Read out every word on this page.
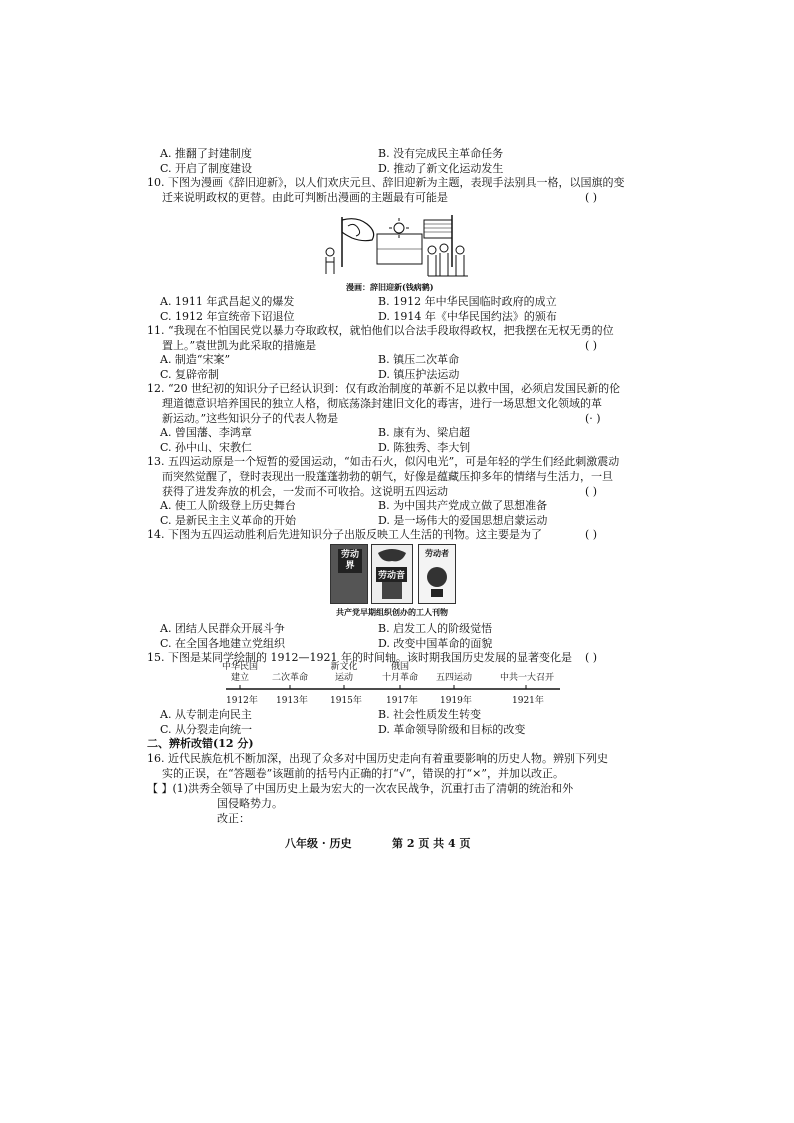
A. 推翻了封建制度	B. 没有完成民主革命任务
C. 开启了制度建设	D. 推动了新文化运动发生
10. 下图为漫画《辞旧迎新》，以人们欢庆元旦、辞旧迎新为主题，表现手法别具一格，以国旗的变
迁来说明政权的更替。由此可判断出漫画的主题最有可能是	( )
漫画：辞旧迎新(钱病鹤)
A. 1911 年武昌起义的爆发	B. 1912 年中华民国临时政府的成立
C. 1912 年宣统帝下诏退位	D. 1914 年《中华民国约法》的颁布
11. “我现在不怕国民党以暴力夺取政权，就怕他们以合法手段取得政权，把我摆在无权无勇的位
置上。”袁世凯为此采取的措施是	( )
A. 制造“宋案”	B. 镇压二次革命
C. 复辟帝制	D. 镇压护法运动
12. “20 世纪初的知识分子已经认识到：仅有政治制度的革新不足以救中国，必须启发国民新的伦
理道德意识培养国民的独立人格，彻底荡涤封建旧文化的毒害，进行一场思想文化领域的革
新运动。”这些知识分子的代表人物是	(· )
A. 曾国藩、李鸿章	B. 康有为、梁启超
C. 孙中山、宋教仁	D. 陈独秀、李大钊
13. 五四运动原是一个短暂的爱国运动，“如击石火，似闪电光”，可是年轻的学生们经此刺激震动
而突然觉醒了，登时表现出一股蓬蓬勃勃的朝气，好像是蕴藏压抑多年的情绪与生活力，一旦
获得了进发奔放的机会，一发而不可收拾。这说明五四运动	( )
A. 使工人阶级登上历史舞台	B. 为中国共产党成立做了思想准备
C. 是新民主主义革命的开始	D. 是一场伟大的爱国思想启蒙运动
14. 下图为五四运动胜利后先进知识分子出版反映工人生活的刊物。这主要是为了	( )
劳动界
劳动音
劳动者
共产党早期组织创办的工人刊物
A. 团结人民群众开展斗争	B. 启发工人的阶级觉悟
C. 在全国各地建立党组织	D. 改变中国革命的面貌
15. 下图是某同学绘制的 1912—1921 年的时间轴。该时期我国历史发展的显著变化是 ( )
中华民国
建立	二次革命
新文化
运动
俄国
十月革命	五四运动	中共一大召开
1912年 1913年 1915年	1917年 1919年	1921年
A. 从专制走向民主	B. 社会性质发生转变
C. 从分裂走向统一	D. 革命领导阶级和目标的改变
二、辨析改错(12 分)
16. 近代民族危机不断加深，出现了众多对中国历史走向有着重要影响的历史人物。辨别下列史
实的正误，在“答题卷”该题前的括号内正确的打“√”，错误的打“×”，并加以改正。
【 】(1)洪秀全领导了中国历史上最为宏大的一次农民战争，沉重打击了清朝的统治和外
国侵略势力。
改正：
八年级 · 历史	第 2 页 共 4 页
